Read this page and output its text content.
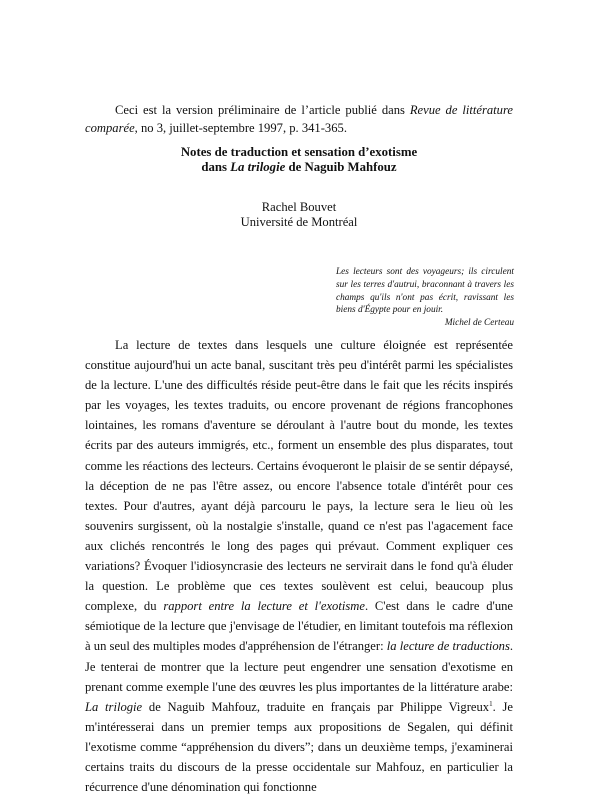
Ceci est la version préliminaire de l’article publié dans Revue de littérature comparée, no 3, juillet-septembre 1997, p. 341-365.

Notes de traduction et sensation d’exotisme
dans La trilogie de Naguib Mahfouz
Rachel Bouvet
Université de Montréal
Les lecteurs sont des voyageurs; ils circulent sur les terres d'autrui, braconnant à travers les champs qu'ils n'ont pas écrit, ravissant les biens d'Égypte pour en jouir.
Michel de Certeau

La lecture de textes dans lesquels une culture éloignée est représentée constitue aujourd'hui un acte banal, suscitant très peu d'intérêt parmi les spécialistes de la lecture. L'une des difficultés réside peut-être dans le fait que les récits inspirés par les voyages, les textes traduits, ou encore provenant de régions francophones lointaines, les romans d'aventure se déroulant à l'autre bout du monde, les textes écrits par des auteurs immigrés, etc., forment un ensemble des plus disparates, tout comme les réactions des lecteurs. Certains évoqueront le plaisir de se sentir dépaysé, la déception de ne pas l'être assez, ou encore l'absence totale d'intérêt pour ces textes. Pour d'autres, ayant déjà parcouru le pays, la lecture sera le lieu où les souvenirs surgissent, où la nostalgie s'installe, quand ce n'est pas l'agacement face aux clichés rencontrés le long des pages qui prévaut. Comment expliquer ces variations? Évoquer l'idiosyncrasie des lecteurs ne servirait dans le fond qu'à éluder la question. Le problème que ces textes soulèvent est celui, beaucoup plus complexe, du rapport entre la lecture et l'exotisme. C'est dans le cadre d'une sémiotique de la lecture que j'envisage de l'étudier, en limitant toutefois ma réflexion à un seul des multiples modes d'appréhension de l'étranger: la lecture de traductions. Je tenterai de montrer que la lecture peut engendrer une sensation d'exotisme en prenant comme exemple l'une des œuvres les plus importantes de la littérature arabe: La trilogie de Naguib Mahfouz, traduite en français par Philippe Vigreux$^1$. Je m'intéresserai dans un premier temps aux propositions de Segalen, qui définit l'exotisme comme “appréhension du divers”; dans un deuxième temps, j'examinerai certains traits du discours de la presse occidentale sur Mahfouz, en particulier la récurrence d'une dénomination qui fonctionne
